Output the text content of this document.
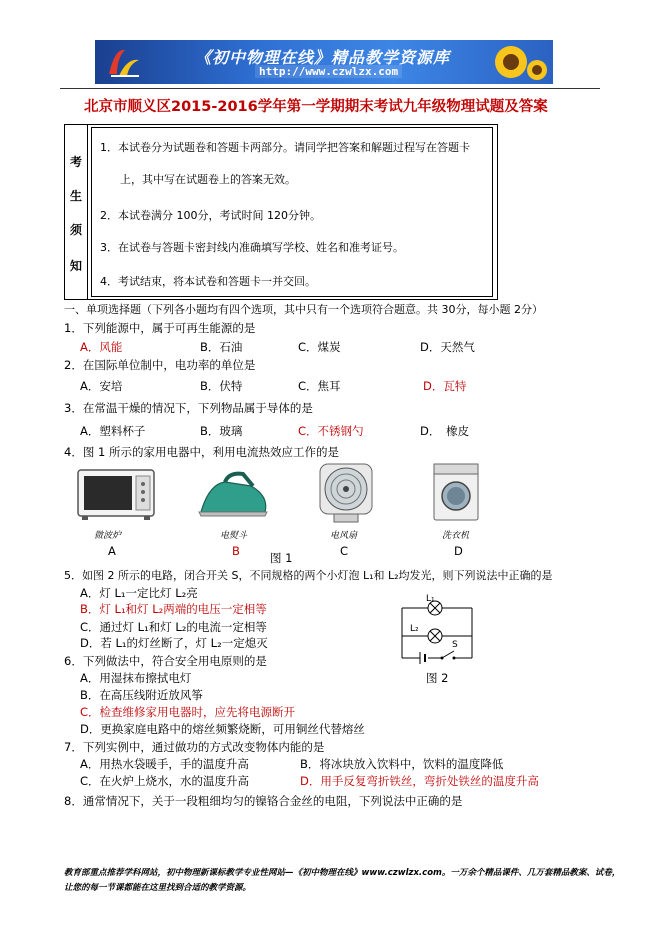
《初中物理在线》精品教学资源库
http://www.czwlzx.com
北京市顺义区2015-2016学年第一学期期末考试九年级物理试题及答案
考
生
须
知
1．本试卷分为试题卷和答题卡两部分。请同学把答案和解题过程写在答题卡
上，其中写在试题卷上的答案无效。
2．本试卷满分 100分，考试时间 120分钟。
3．在试卷与答题卡密封线内准确填写学校、姓名和准考证号。
4．考试结束，将本试卷和答题卡一并交回。
一、单项选择题（下列各小题均有四个选项，其中只有一个选项符合题意。共 30分，每小题 2分）
1．下列能源中，属于可再生能源的是
A．风能	B．石油	C．煤炭	D．天然气
2．在国际单位制中，电功率的单位是
A．安培	B．伏特	C．焦耳	D．瓦特
3．在常温干燥的情况下，下列物品属于导体的是
A．塑料杯子	B．玻璃	C．不锈钢勺	D．　橡皮
4．图 1 所示的家用电器中，利用电流热效应工作的是
微波炉	电熨斗	电风扇	洗衣机
A	B	C	D
图 1
5．如图 2 所示的电路，闭合开关 S，不同规格的两个小灯泡 L₁和 L₂均发光，则下列说法中正确的是
A．灯 L₁一定比灯 L₂亮
B．灯 L₁和灯 L₂两端的电压一定相等
C．通过灯 L₁和灯 L₂的电流一定相等
D．若 L₁的灯丝断了，灯 L₂一定熄灭
L₁
L₂
S
图 2
6．下列做法中，符合安全用电原则的是
A．用湿抹布擦拭电灯
B．在高压线附近放风筝
C．检查维修家用电器时，应先将电源断开
D．更换家庭电路中的熔丝频繁烧断，可用铜丝代替熔丝
7．下列实例中，通过做功的方式改变物体内能的是
A．用热水袋暖手，手的温度升高	B．将冰块放入饮料中，饮料的温度降低
C．在火炉上烧水，水的温度升高	D．用手反复弯折铁丝，弯折处铁丝的温度升高
8．通常情况下，关于一段粗细均匀的镍铬合金丝的电阻，下列说法中正确的是
教育部重点推荐学科网站，初中物理新课标教学专业性网站—《初中物理在线》www.czwlzx.com。一万余个精品课件、几万套精品教案、试卷，让您的每一节课都能在这里找到合适的教学资源。
